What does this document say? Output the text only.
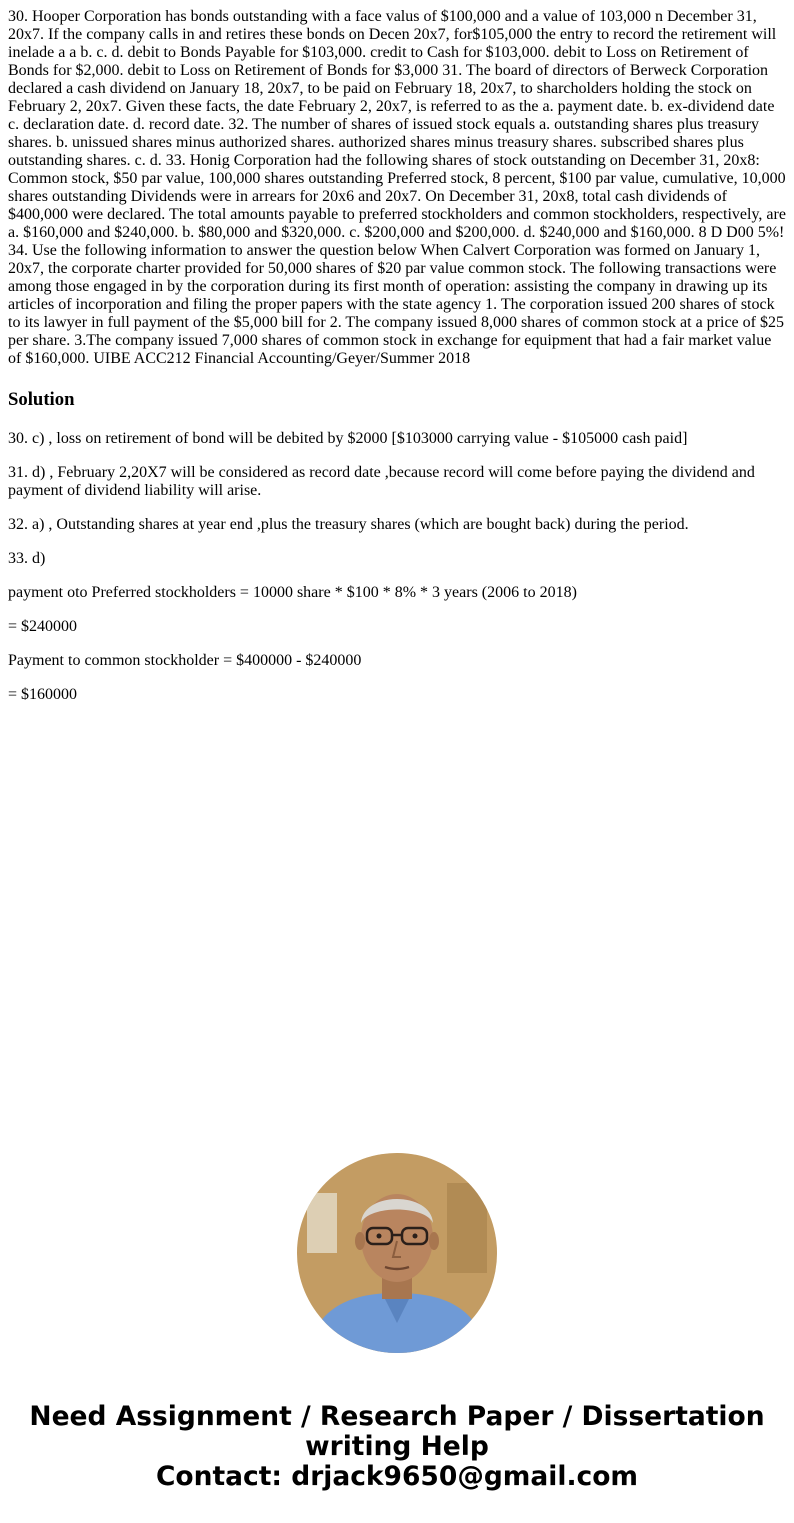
30. Hooper Corporation has bonds outstanding with a face valus of $100,000 and a value of 103,000 n December 31, 20x7. If the company calls in and retires these bonds on Decen 20x7, for$105,000 the entry to record the retirement will inelade a a b. c. d. debit to Bonds Payable for $103,000. credit to Cash for $103,000. debit to Loss on Retirement of Bonds for $2,000. debit to Loss on Retirement of Bonds for $3,000 31. The board of directors of Berweck Corporation declared a cash dividend on January 18, 20x7, to be paid on February 18, 20x7, to sharcholders holding the stock on February 2, 20x7. Given these facts, the date February 2, 20x7, is referred to as the a. payment date. b. ex-dividend date c. declaration date. d. record date. 32. The number of shares of issued stock equals a. outstanding shares plus treasury shares. b. unissued shares minus authorized shares. authorized shares minus treasury shares. subscribed shares plus outstanding shares. c. d. 33. Honig Corporation had the following shares of stock outstanding on December 31, 20x8: Common stock, $50 par value, 100,000 shares outstanding Preferred stock, 8 percent, $100 par value, cumulative, 10,000 shares outstanding Dividends were in arrears for 20x6 and 20x7. On December 31, 20x8, total cash dividends of $400,000 were declared. The total amounts payable to preferred stockholders and common stockholders, respectively, are a. $160,000 and $240,000. b. $80,000 and $320,000. c. $200,000 and $200,000. d. $240,000 and $160,000. 8 D D00 5%! 34. Use the following information to answer the question below When Calvert Corporation was formed on January 1, 20x7, the corporate charter provided for 50,000 shares of $20 par value common stock. The following transactions were among those engaged in by the corporation during its first month of operation: assisting the company in drawing up its articles of incorporation and filing the proper papers with the state agency 1. The corporation issued 200 shares of stock to its lawyer in full payment of the $5,000 bill for 2. The company issued 8,000 shares of common stock at a price of $25 per share. 3.The company issued 7,000 shares of common stock in exchange for equipment that had a fair market value of $160,000. UIBE ACC212 Financial Accounting/Geyer/Summer 2018

Solution

30. c) , loss on retirement of bond will be debited by $2000 [$103000 carrying value - $105000 cash paid]

31. d) , February 2,20X7 will be considered as record date ,because record will come before paying the dividend and payment of dividend liability will arise.

32. a) , Outstanding shares at year end ,plus the treasury shares (which are bought back) during the period.

33. d)

payment oto Preferred stockholders = 10000 share * $100 * 8% * 3 years (2006 to 2018)

= $240000

Payment to common stockholder = $400000 - $240000

= $160000

Need Assignment / Research Paper / Dissertation
writing Help
Contact: drjack9650@gmail.com
